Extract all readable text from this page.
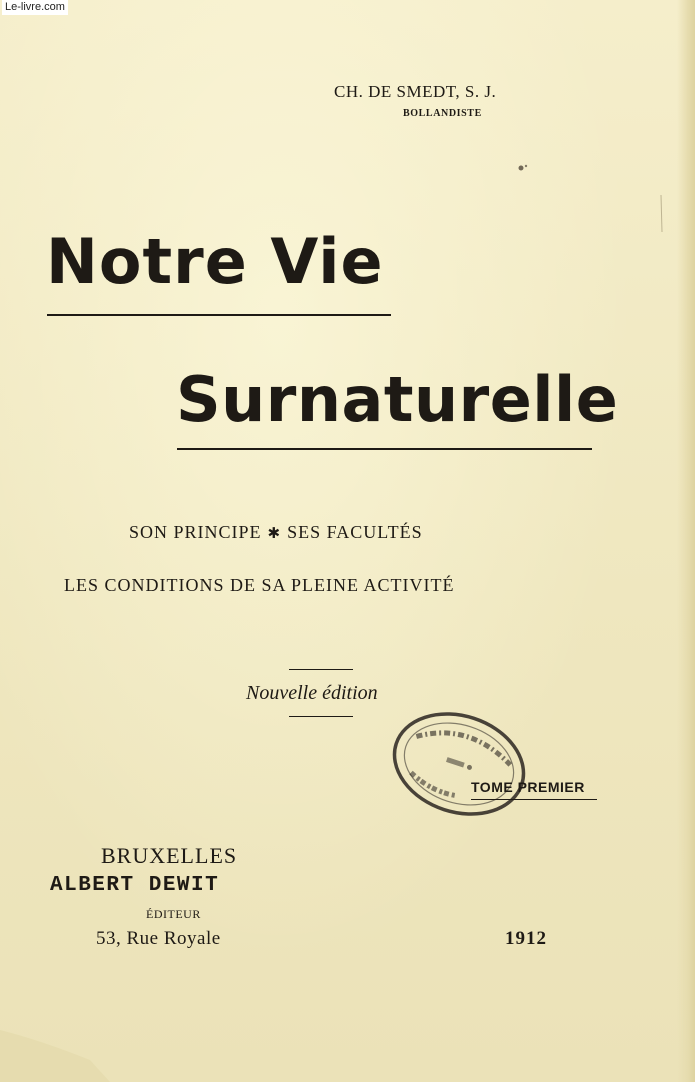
Le-livre.com
CH. DE SMEDT, S. J.
BOLLANDISTE
Notre Vie
Surnaturelle
SON PRINCIPE ✱ SES FACULTÉS
LES CONDITIONS DE SA PLEINE ACTIVITÉ
Nouvelle édition
TOME PREMIER
BRUXELLES
ALBERT DEWIT
ÉDITEUR
53, Rue Royale	1912
